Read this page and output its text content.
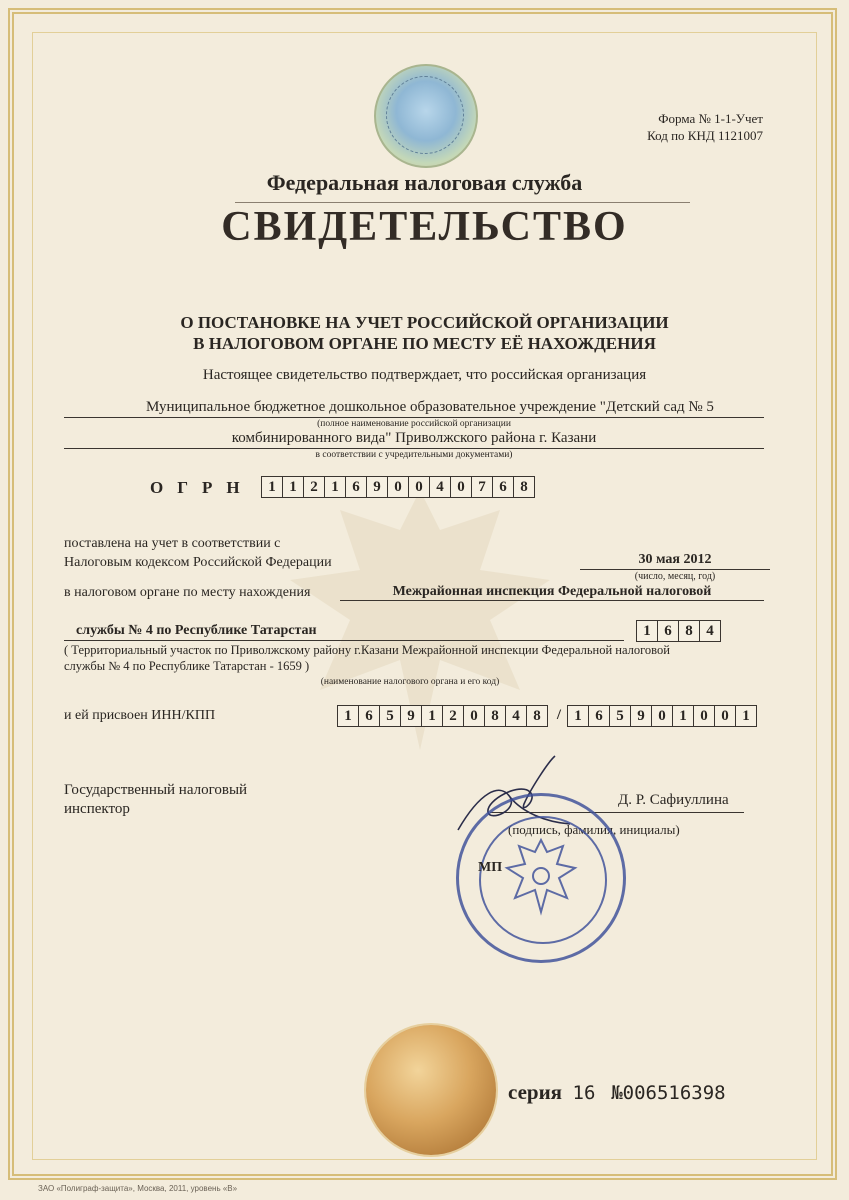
Форма № 1-1-Учет
Код по КНД 1121007
Федеральная налоговая служба
СВИДЕТЕЛЬСТВО
О ПОСТАНОВКЕ НА УЧЕТ РОССИЙСКОЙ ОРГАНИЗАЦИИ
В НАЛОГОВОМ ОРГАНЕ ПО МЕСТУ ЕЁ НАХОЖДЕНИЯ
Настоящее свидетельство подтверждает, что российская организация
Муниципальное бюджетное дошкольное образовательное учреждение "Детский сад № 5
(полное наименование российской организации
комбинированного вида" Приволжского района г. Казани
в соответствии с учредительными документами)
ОГРН 1 1 2 1 6 9 0 0 4 0 7 6 8
поставлена на учет в соответствии с
Налоговым кодексом Российской Федерации	30 мая 2012
(число, месяц, год)
в налоговом органе по месту нахождения	Межрайонная инспекция Федеральной налоговой
службы № 4 по Республике Татарстан	1 6 8 4
( Территориальный участок по Приволжскому району г.Казани Межрайонной инспекции Федеральной налоговой
службы № 4 по Республике Татарстан - 1659 )
(наименование налогового органа и его код)
и ей присвоен ИНН/КПП	1 6 5 9 1 2 0 8 4 8	/ 1 6 5 9 0 1 0 0 1
Государственный налоговый
инспектор
Д. Р. Сафиуллина
(подпись, фамилия, инициалы)
МП
серия 16 №006516398
ЗАО «Полиграф-защита», Москва, 2011, уровень «В»
